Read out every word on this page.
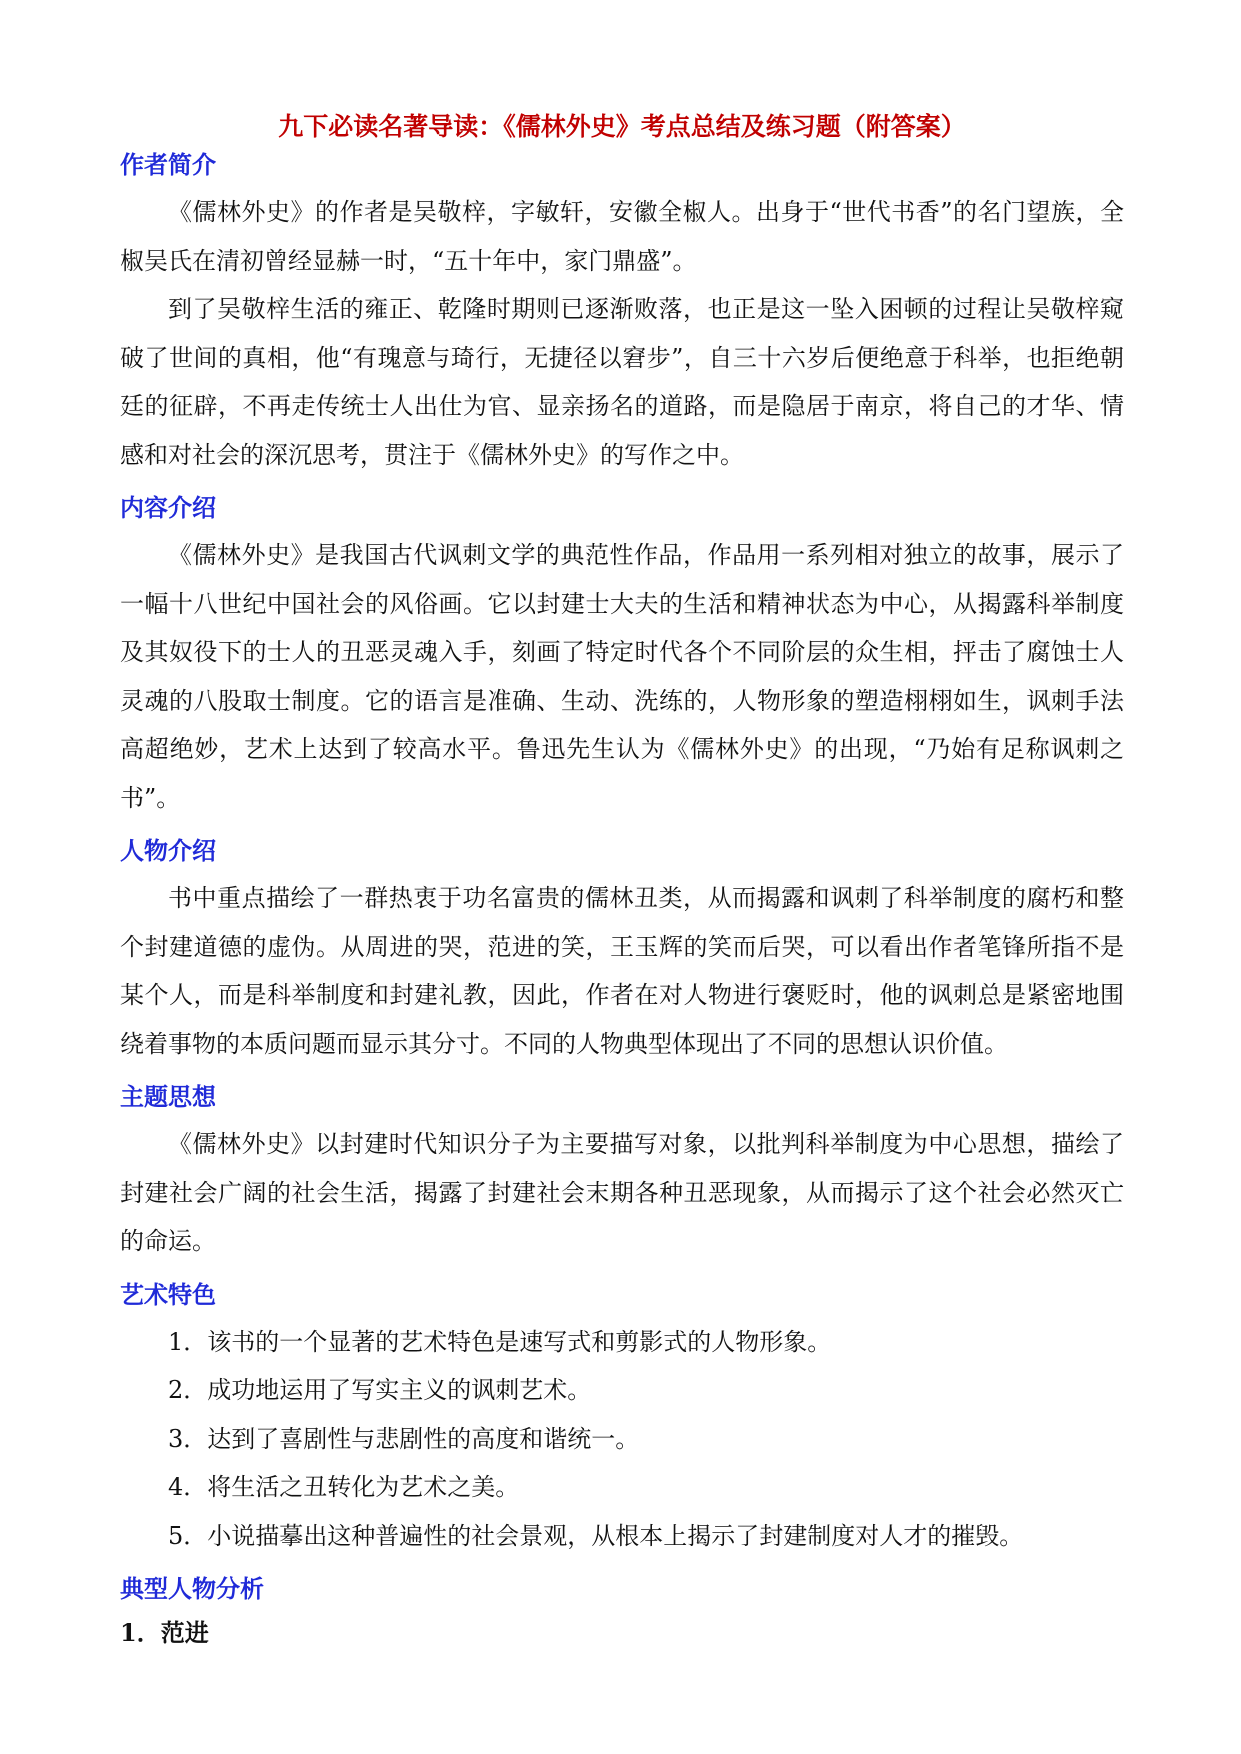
九下必读名著导读：《儒林外史》考点总结及练习题（附答案）
作者简介

《儒林外史》的作者是吴敬梓，字敏轩，安徽全椒人。出身于“世代书香”的名门望族，全椒吴氏在清初曾经显赫一时，“五十年中，家门鼎盛”。

到了吴敬梓生活的雍正、乾隆时期则已逐渐败落，也正是这一坠入困顿的过程让吴敬梓窥破了世间的真相，他“有瑰意与琦行，无捷径以窘步”，自三十六岁后便绝意于科举，也拒绝朝廷的征辟，不再走传统士人出仕为官、显亲扬名的道路，而是隐居于南京，将自己的才华、情感和对社会的深沉思考，贯注于《儒林外史》的写作之中。

内容介绍

《儒林外史》是我国古代讽刺文学的典范性作品，作品用一系列相对独立的故事，展示了一幅十八世纪中国社会的风俗画。它以封建士大夫的生活和精神状态为中心，从揭露科举制度及其奴役下的士人的丑恶灵魂入手，刻画了特定时代各个不同阶层的众生相，抨击了腐蚀士人灵魂的八股取士制度。它的语言是准确、生动、洗练的，人物形象的塑造栩栩如生，讽刺手法高超绝妙，艺术上达到了较高水平。鲁迅先生认为《儒林外史》的出现，“乃始有足称讽刺之书”。

人物介绍

书中重点描绘了一群热衷于功名富贵的儒林丑类，从而揭露和讽刺了科举制度的腐朽和整个封建道德的虚伪。从周进的哭，范进的笑，王玉辉的笑而后哭，可以看出作者笔锋所指不是某个人，而是科举制度和封建礼教，因此，作者在对人物进行褒贬时，他的讽刺总是紧密地围绕着事物的本质问题而显示其分寸。不同的人物典型体现出了不同的思想认识价值。

主题思想

《儒林外史》以封建时代知识分子为主要描写对象，以批判科举制度为中心思想，描绘了封建社会广阔的社会生活，揭露了封建社会末期各种丑恶现象，从而揭示了这个社会必然灭亡的命运。

艺术特色

1．该书的一个显著的艺术特色是速写式和剪影式的人物形象。

2．成功地运用了写实主义的讽刺艺术。

3．达到了喜剧性与悲剧性的高度和谐统一。

4．将生活之丑转化为艺术之美。

5．小说描摹出这种普遍性的社会景观，从根本上揭示了封建制度对人才的摧毁。

典型人物分析
1．范进
